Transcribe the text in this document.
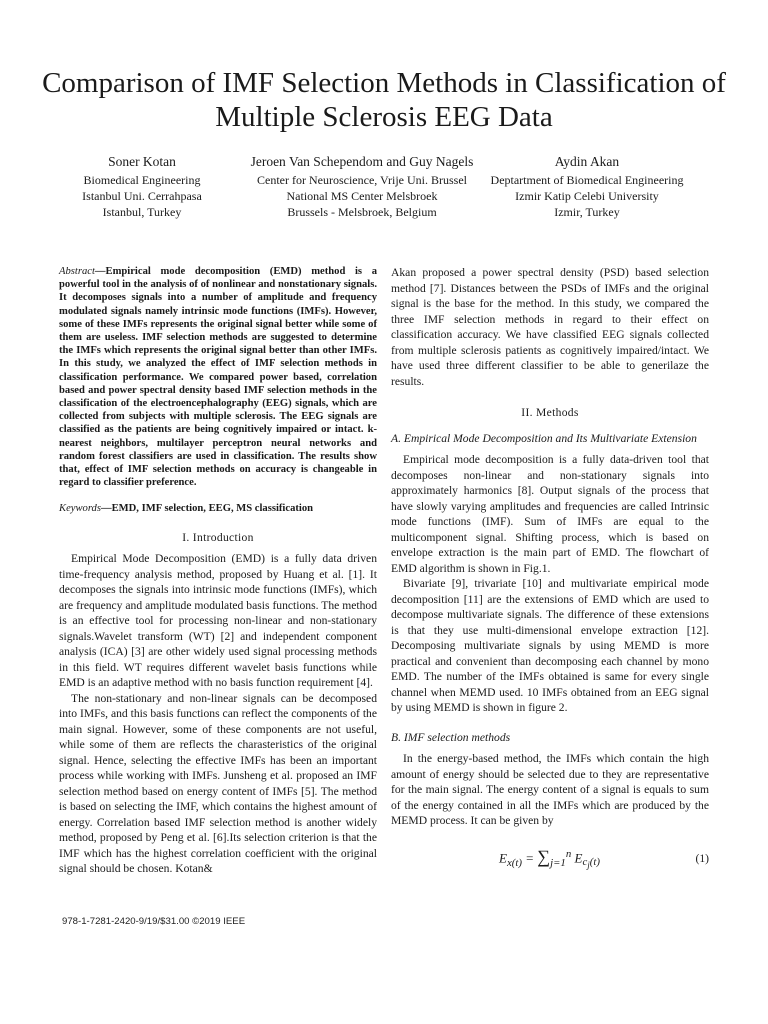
Comparison of IMF Selection Methods in Classification of Multiple Sclerosis EEG Data
Soner Kotan
Biomedical Engineering
Istanbul Uni. Cerrahpasa
Istanbul, Turkey
Jeroen Van Schependom and Guy Nagels
Center for Neuroscience, Vrije Uni. Brussel
National MS Center Melsbroek
Brussels - Melsbroek, Belgium
Aydin Akan
Deptartment of Biomedical Engineering
Izmir Katip Celebi University
Izmir, Turkey

Abstract—Empirical mode decomposition (EMD) method is a powerful tool in the analysis of of nonlinear and nonstationary signals. It decomposes signals into a number of amplitude and frequency modulated signals namely intrinsic mode functions (IMFs). However, some of these IMFs represents the original signal better while some of them are useless. IMF selection methods are suggested to determine the IMFs which represents the original signal better than other IMFs. In this study, we analyzed the effect of IMF selection methods in classification performance. We compared power based, correlation based and power spectral density based IMF selection methods in the classification of the electroencephalography (EEG) signals, which are collected from subjects with multiple sclerosis. The EEG signals are classified as the patients are being cognitively impaired or intact. k-nearest neighbors, multilayer perceptron neural networks and random forest classifiers are used in classification. The results show that, effect of IMF selection methods on accuracy is changeable in regard to classifier preference.

Keywords—EMD, IMF selection, EEG, MS classification

I. Introduction

Empirical Mode Decomposition (EMD) is a fully data driven time-frequency analysis method, proposed by Huang et al. [1]. It decomposes the signals into intrinsic mode functions (IMFs), which are frequency and amplitude modulated basis functions. The method is an effective tool for processing non-linear and non-stationary signals.Wavelet transform (WT) [2] and independent component analysis (ICA) [3] are other widely used signal processing methods in this field. WT requires different wavelet basis functions while EMD is an adaptive method with no basis function requirement [4].

The non-stationary and non-linear signals can be decomposed into IMFs, and this basis functions can reflect the components of the main signal. However, some of these components are not useful, while some of them are reflects the charasteristics of the original signal. Hence, selecting the effective IMFs has been an important process while working with IMFs. Junsheng et al. proposed an IMF selection method based on energy content of IMFs [5]. The method is based on selecting the IMF, which contains the highest amount of energy. Correlation based IMF selection method is another widely method, proposed by Peng et al. [6].Its selection criterion is that the IMF which has the highest correlation coefficient with the original signal should be chosen. Kotan&

Akan proposed a power spectral density (PSD) based selection method [7]. Distances between the PSDs of IMFs and the original signal is the base for the method. In this study, we compared the three IMF selection methods in regard to their effect on classification accuracy. We have classified EEG signals collected from multiple sclerosis patients as cognitively impaired/intact. We have used three different classifier to be able to generilaze the results.

II. Methods

A. Empirical Mode Decomposition and Its Multivariate Extension

Empirical mode decomposition is a fully data-driven tool that decomposes non-linear and non-stationary signals into approximately harmonics [8]. Output signals of the process that have slowly varying amplitudes and frequencies are called Intrinsic mode functions (IMF). Sum of IMFs are equal to the multicomponent signal. Shifting process, which is based on envelope extraction is the main part of EMD. The flowchart of EMD algorithm is shown in Fig.1.

Bivariate [9], trivariate [10] and multivariate empirical mode decomposition [11] are the extensions of EMD which are used to decompose multivariate signals. The difference of these extensions is that they use multi-dimensional envelope extraction [12]. Decomposing multivariate signals by using MEMD is more practical and convenient than decomposing each channel by mono EMD. The number of the IMFs obtained is same for every single channel when MEMD used. 10 IMFs obtained from an EEG signal by using MEMD is shown in figure 2.

B. IMF selection methods

In the energy-based method, the IMFs which contain the high amount of energy should be selected due to they are representative for the main signal. The energy content of a signal is equals to sum of the energy contained in all the IMFs which are produced by the MEMD process. It can be given by

$E_{x(t)} = \sum_{j=1}^n$ $E_{c_j(t)}$	(1)
978-1-7281-2420-9/19/$31.00 ©2019 IEEE
